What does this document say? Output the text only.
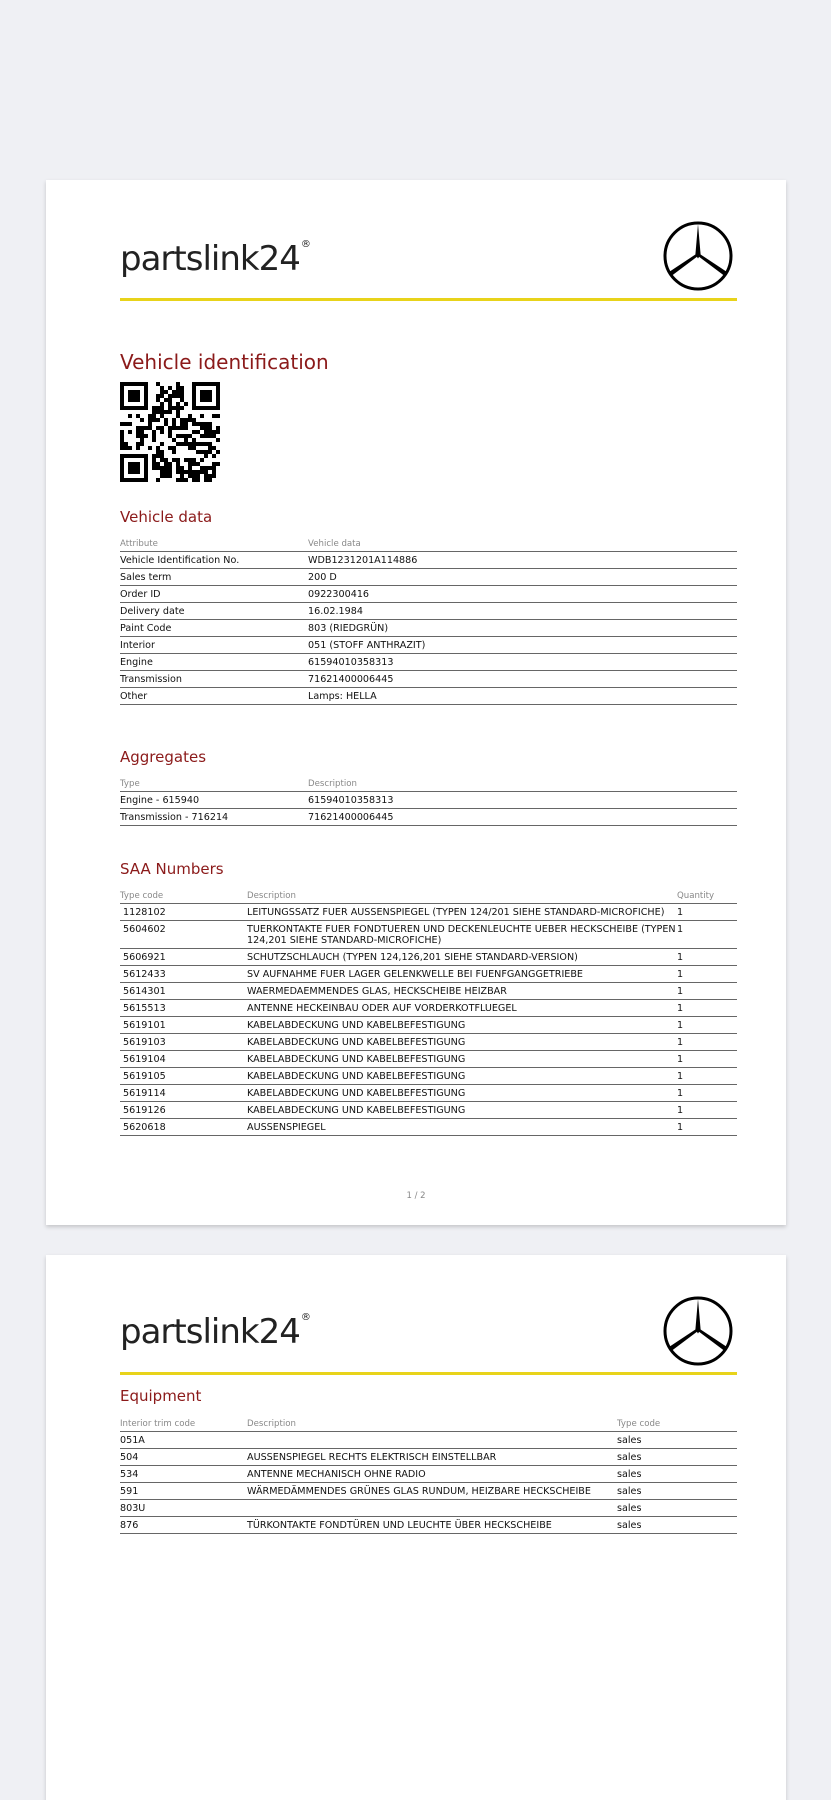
partslink24®
Vehicle identification
Vehicle data
Attribute	Vehicle data
Vehicle Identification No.	WDB1231201A114886
Sales term	200 D
Order ID	0922300416
Delivery date	16.02.1984
Paint Code	803 (RIEDGRÜN)
Interior	051 (STOFF ANTHRAZIT)
Engine	61594010358313
Transmission	71621400006445
Other	Lamps: HELLA
Aggregates
Type	Description
Engine - 615940	61594010358313
Transmission - 716214	71621400006445
SAA Numbers
Type code	Description	Quantity
1128102	LEITUNGSSATZ FUER AUSSENSPIEGEL (TYPEN 124/201 SIEHE STANDARD-MICROFICHE)	1
5604602	TUERKONTAKTE FUER FONDTUEREN UND DECKENLEUCHTE UEBER HECKSCHEIBE (TYPEN 124,201 SIEHE STANDARD-MICROFICHE)	1
5606921	SCHUTZSCHLAUCH (TYPEN 124,126,201 SIEHE STANDARD-VERSION)	1
5612433	SV AUFNAHME FUER LAGER GELENKWELLE BEI FUENFGANGGETRIEBE	1
5614301	WAERMEDAEMMENDES GLAS, HECKSCHEIBE HEIZBAR	1
5615513	ANTENNE HECKEINBAU ODER AUF VORDERKOTFLUEGEL	1
5619101	KABELABDECKUNG UND KABELBEFESTIGUNG	1
5619103	KABELABDECKUNG UND KABELBEFESTIGUNG	1
5619104	KABELABDECKUNG UND KABELBEFESTIGUNG	1
5619105	KABELABDECKUNG UND KABELBEFESTIGUNG	1
5619114	KABELABDECKUNG UND KABELBEFESTIGUNG	1
5619126	KABELABDECKUNG UND KABELBEFESTIGUNG	1
5620618	AUSSENSPIEGEL	1
1 / 2
partslink24®
Equipment
Interior trim code	Description	Type code
051A		sales
504	AUSSENSPIEGEL RECHTS ELEKTRISCH EINSTELLBAR	sales
534	ANTENNE MECHANISCH OHNE RADIO	sales
591	WÄRMEDÄMMENDES GRÜNES GLAS RUNDUM, HEIZBARE HECKSCHEIBE	sales
803U		sales
876	TÜRKONTAKTE FONDTÜREN UND LEUCHTE ÜBER HECKSCHEIBE	sales
